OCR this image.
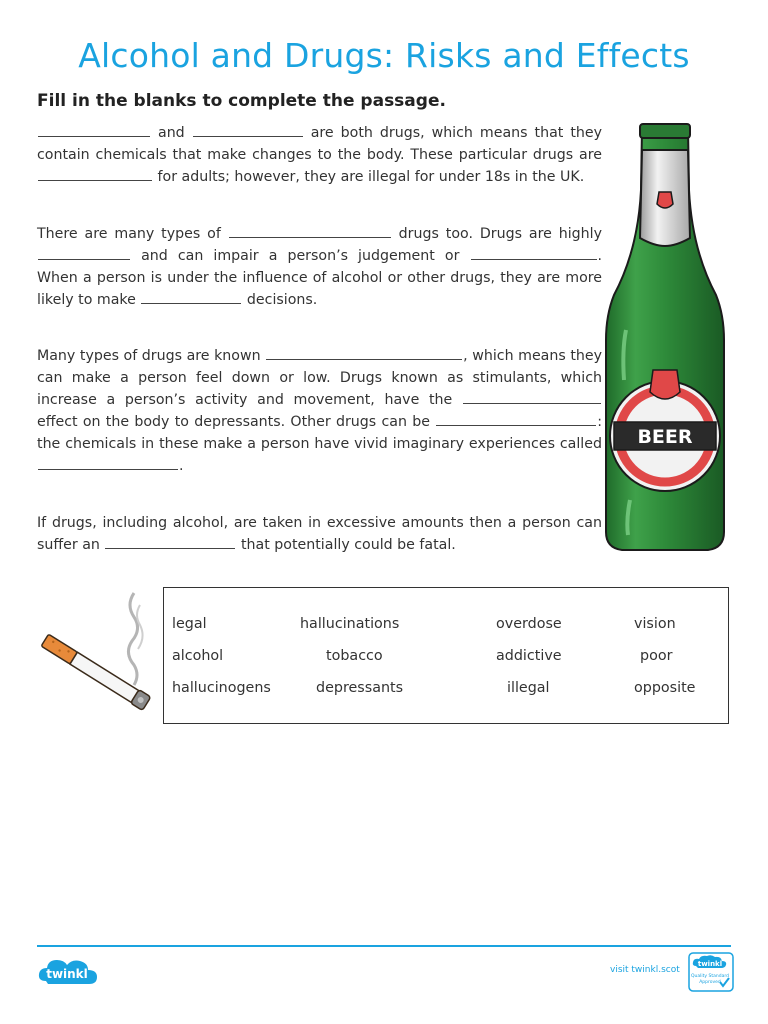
Alcohol and Drugs: Risks and Effects
Fill in the blanks to complete the passage.
and	are both drugs, which means that they contain chemicals that make changes to the body. These particular drugs are  for adults; however, they are illegal for under 18s in the UK.
There are many types of	drugs too. Drugs are highly  and can impair a person’s judgement or	. When a person is under the influence of alcohol or other drugs, they are more likely to make	decisions.
Many types of drugs are known	, which means they can make a person feel down or low. Drugs known as stimulants, which increase a person’s activity and movement, have the  effect on the body to depressants. Other drugs can be	: the chemicals in these make a person have vivid imaginary experiences called .
If drugs, including alcohol, are taken in excessive amounts then a person can suffer an	that potentially could be fatal.
BEER
legal	hallucinations	overdose	vision
alcohol	tobacco	addictive	poor
hallucinogens	depressants	illegal	opposite
twinkl	visit twinkl.scot
twinkl
Quality Standard
Approved
